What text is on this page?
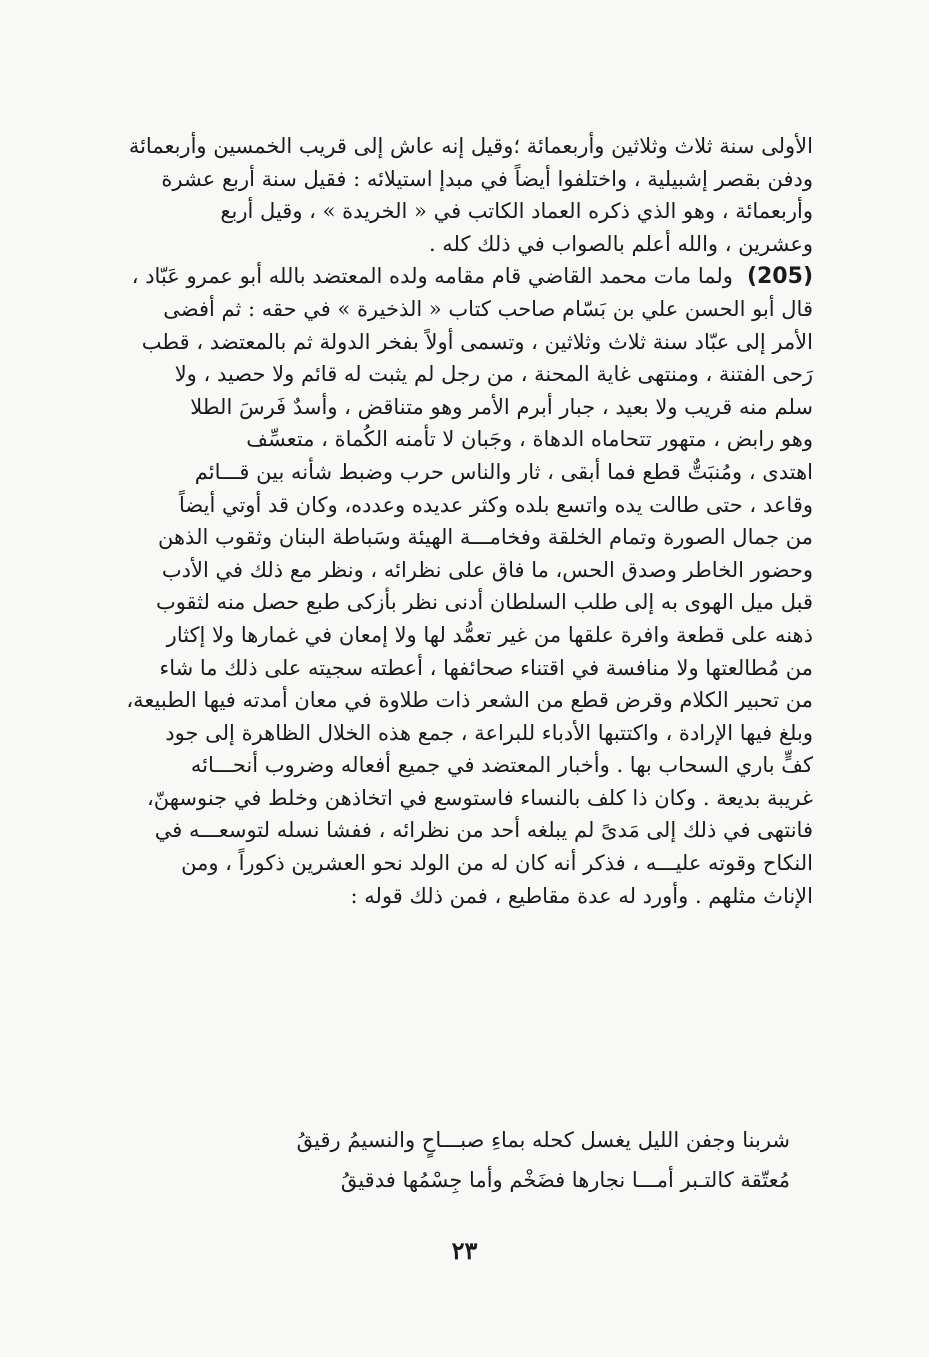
الأولى سنة ثلاث وثلاثين وأربعمائة ؛وقيل إنه عاش إلى قريب الخمسين وأربعمائة
ودفن بقصر إشبيلية ، واختلفوا أيضاً في مبدإ استيلائه : فقيل سنة أربع عشرة
وأربعمائة ، وهو الذي ذكره العماد الكاتب في « الخريدة » ، وقيل أربع
وعشرين ، والله أعلم بالصواب في ذلك كله .
(205)ولما مات محمد القاضي قام مقامه ولده المعتضد بالله أبو عمرو عَبّاد ،
قال أبو الحسن علي بن بَسّام صاحب كتاب « الذخيرة » في حقه : ثم أفضى
الأمر إلى عبّاد سنة ثلاث وثلاثين ، وتسمى أولاً بفخر الدولة ثم بالمعتضد ، قطب
رَحى الفتنة ، ومنتهى غاية المحنة ، من رجل لم يثبت له قائم ولا حصيد ، ولا
سلم منه قريب ولا بعيد ، جبار أبرم الأمر وهو متناقض ، وأسدٌ فَرسَ الطلا
وهو رابض ، متهور تتحاماه الدهاة ، وجَبان لا تأمنه الكُماة ، متعسِّف
اهتدى ، ومُنبَتٌّ قطع فما أبقى ، ثار والناس حرب وضبط شأنه بين قـــائم
وقاعد ، حتى طالت يده واتسع بلده وكثر عديده وعدده، وكان قد أوتي أيضاً
من جمال الصورة وتمام الخلقة وفخامـــة الهيئة وسَباطة البنان وثقوب الذهن
وحضور الخاطر وصدق الحس، ما فاق على نظرائه ، ونظر مع ذلك في الأدب
قبل ميل الهوى به إلى طلب السلطان أدنى نظر بأزكى طبع حصل منه لثقوب
ذهنه على قطعة وافرة علقها من غير تعمُّد لها ولا إمعان في غمارها ولا إكثار
من مُطالعتها ولا منافسة في اقتناء صحائفها ، أعطته سجيته على ذلك ما شاء
من تحبير الكلام وقرض قطع من الشعر ذات طلاوة في معان أمدته فيها الطبيعة،
وبلغ فيها الإرادة ، واكتتبها الأدباء للبراعة ، جمع هذه الخلال الظاهرة إلى جود
كفٍّ باري السحاب بها . وأخبار المعتضد في جميع أفعاله وضروب أنحـــائه
غريبة بديعة . وكان ذا كلف بالنساء فاستوسع في اتخاذهن وخلط في جنوسهنّ،
فانتهى في ذلك إلى مَدىً لم يبلغه أحد من نظرائه ، ففشا نسله لتوسعـــه في
النكاح وقوته عليـــه ، فذكر أنه كان له من الولد نحو العشرين ذكوراً ، ومن
الإناث مثلهم . وأورد له عدة مقاطيع ، فمن ذلك قوله :
شربنا وجفن الليل يغسل كحله بماءِ صبـــاحٍ والنسيمُ رقيقُ
مُعتّقة كالتـبر أمـــا نجارها فضَخْم وأما جِسْمُها فدقيقُ
٢٣
